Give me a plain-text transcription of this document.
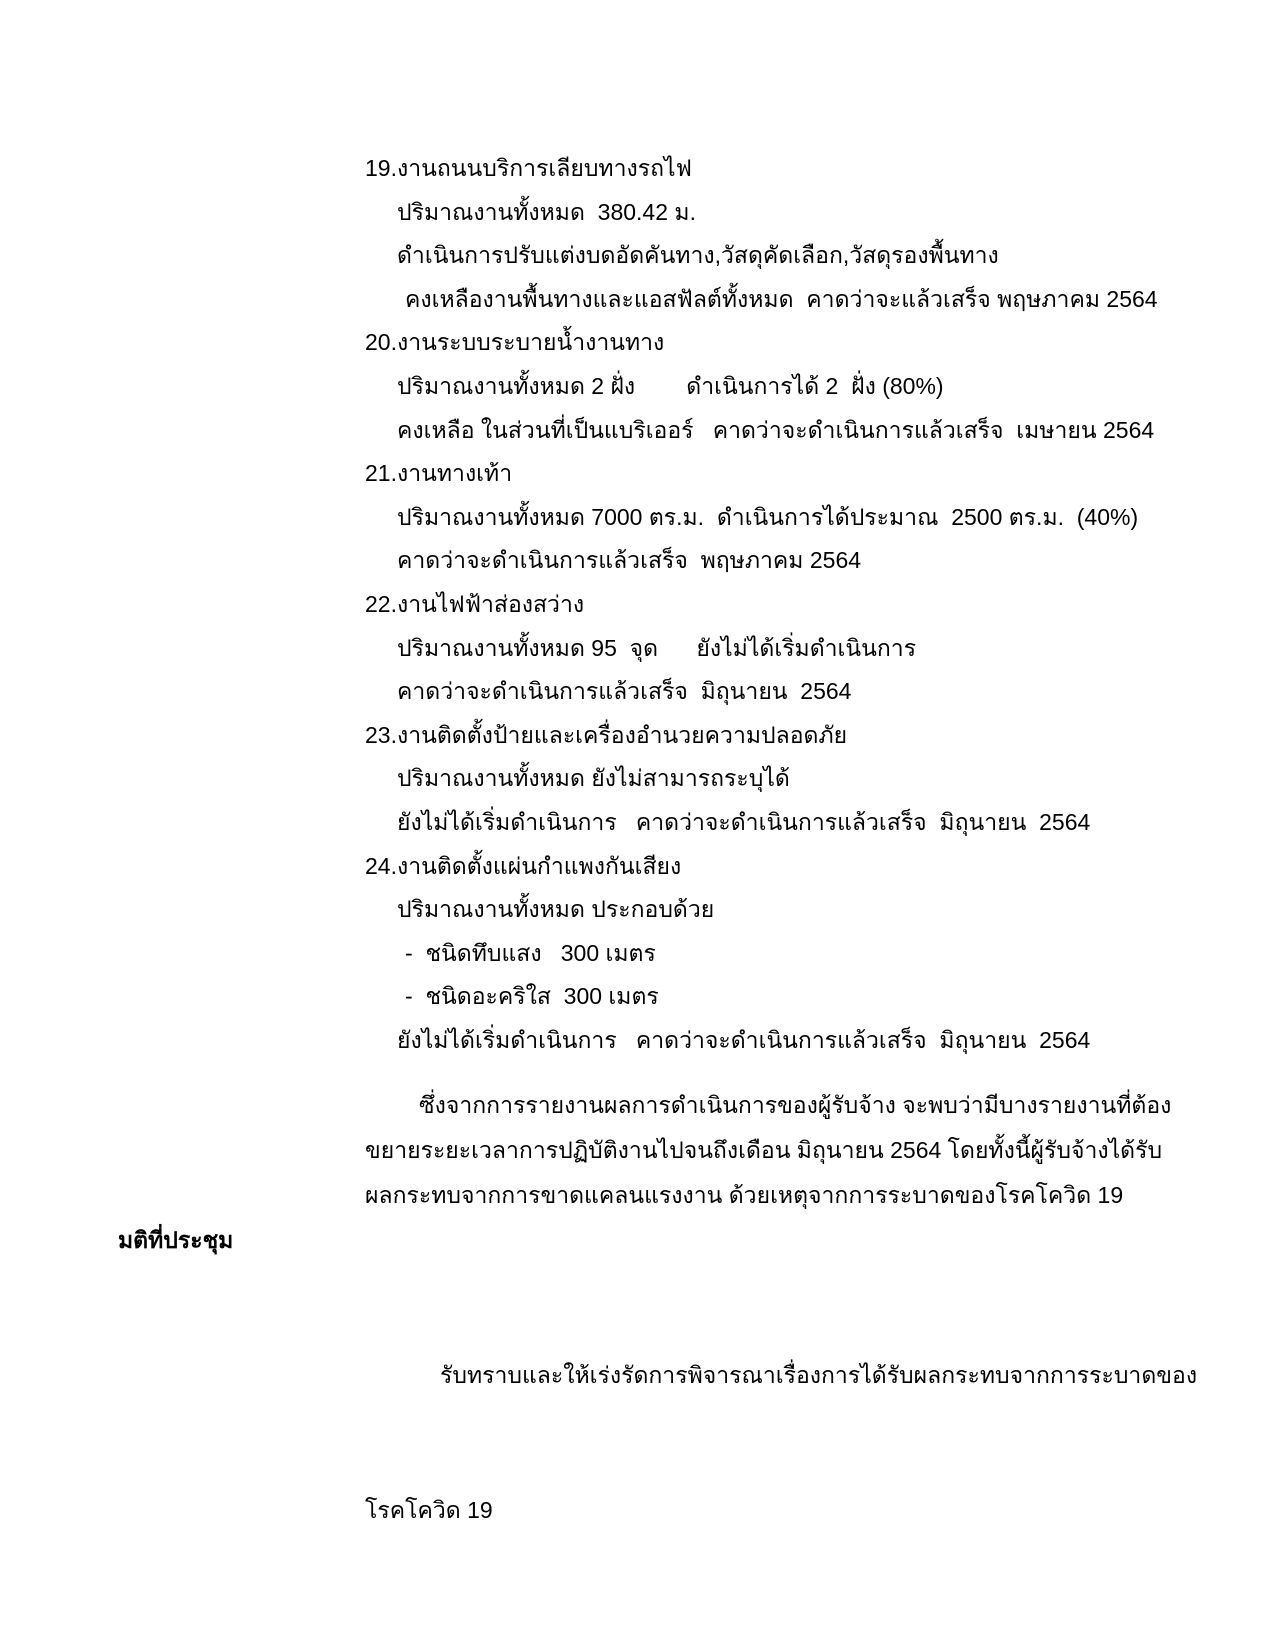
19.งานถนนบริการเลียบทางรถไฟ
ปริมาณงานทั้งหมด  380.42 ม.
ดำเนินการปรับแต่งบดอัดคันทาง,วัสดุคัดเลือก,วัสดุรองพื้นทาง
คงเหลืองานพื้นทางและแอสฟัลต์ทั้งหมด  คาดว่าจะแล้วเสร็จ พฤษภาคม 2564
20.งานระบบระบายน้ำงานทาง
ปริมาณงานทั้งหมด 2 ฝั่ง        ดำเนินการได้ 2  ฝั่ง (80%)
คงเหลือ ในส่วนที่เป็นแบริเออร์   คาดว่าจะดำเนินการแล้วเสร็จ  เมษายน 2564
21.งานทางเท้า
ปริมาณงานทั้งหมด 7000 ตร.ม.  ดำเนินการได้ประมาณ  2500 ตร.ม.  (40%)
คาดว่าจะดำเนินการแล้วเสร็จ  พฤษภาคม 2564
22.งานไฟฟ้าส่องสว่าง
ปริมาณงานทั้งหมด 95  จุด      ยังไม่ได้เริ่มดำเนินการ
คาดว่าจะดำเนินการแล้วเสร็จ  มิถุนายน  2564
23.งานติดตั้งป้ายและเครื่องอำนวยความปลอดภัย
ปริมาณงานทั้งหมด ยังไม่สามารถระบุได้
ยังไม่ได้เริ่มดำเนินการ   คาดว่าจะดำเนินการแล้วเสร็จ  มิถุนายน  2564
24.งานติดตั้งแผ่นกำแพงกันเสียง
ปริมาณงานทั้งหมด ประกอบด้วย
-  ชนิดทึบแสง   300 เมตร
-  ชนิดอะคริใส  300 เมตร
ยังไม่ได้เริ่มดำเนินการ   คาดว่าจะดำเนินการแล้วเสร็จ  มิถุนายน  2564
ซึ่งจากการรายงานผลการดำเนินการของผู้รับจ้าง จะพบว่ามีบางรายงานที่ต้อง
ขยายระยะเวลาการปฏิบัติงานไปจนถึงเดือน มิถุนายน 2564 โดยทั้งนี้ผู้รับจ้างได้รับ
ผลกระทบจากการขาดแคลนแรงงาน ด้วยเหตุจากการระบาดของโรคโควิด 19

มติที่ประชุม

รับทราบและให้เร่งรัดการพิจารณาเรื่องการได้รับผลกระทบจากการระบาดของ

โรคโควิด 19
